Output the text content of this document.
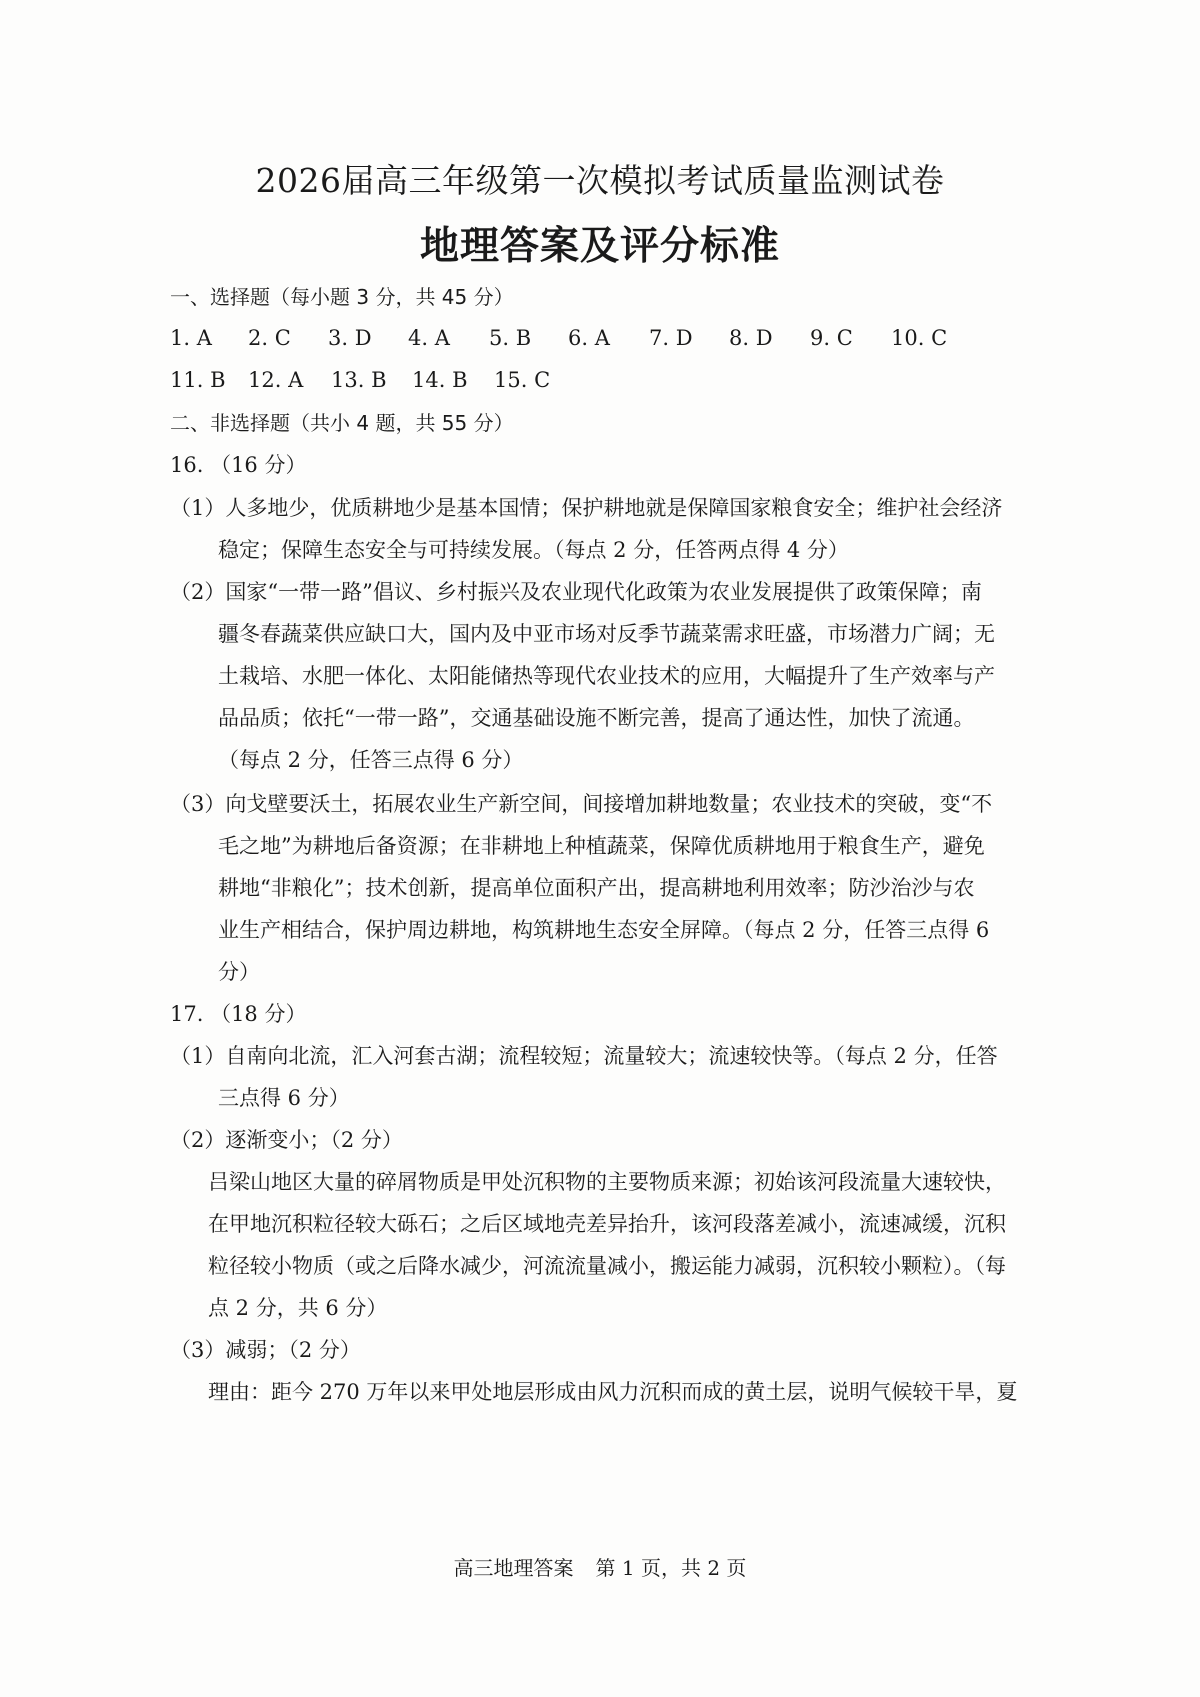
2026届高三年级第一次模拟考试质量监测试卷
地理答案及评分标准
一、选择题（每小题 3 分，共 45 分）
1. A 2. C 3. D 4. A 5. B 6. A 7. D 8. D 9. C 10. C
11. B 12. A 13. B 14. B 15. C
二、非选择题（共小 4 题，共 55 分）
16. （16 分）
（1）人多地少，优质耕地少是基本国情；保护耕地就是保障国家粮食安全；维护社会经济
稳定；保障生态安全与可持续发展。（每点 2 分，任答两点得 4 分）
（2）国家“一带一路”倡议、乡村振兴及农业现代化政策为农业发展提供了政策保障；南
疆冬春蔬菜供应缺口大，国内及中亚市场对反季节蔬菜需求旺盛，市场潜力广阔；无
土栽培、水肥一体化、太阳能储热等现代农业技术的应用，大幅提升了生产效率与产
品品质；依托“一带一路”，交通基础设施不断完善，提高了通达性，加快了流通。
（每点 2 分，任答三点得 6 分）
（3）向戈壁要沃土，拓展农业生产新空间，间接增加耕地数量；农业技术的突破，变“不
毛之地”为耕地后备资源；在非耕地上种植蔬菜，保障优质耕地用于粮食生产，避免
耕地“非粮化”；技术创新，提高单位面积产出，提高耕地利用效率；防沙治沙与农
业生产相结合，保护周边耕地，构筑耕地生态安全屏障。（每点 2 分，任答三点得 6
分）
17. （18 分）
（1）自南向北流，汇入河套古湖；流程较短；流量较大；流速较快等。（每点 2 分，任答
三点得 6 分）
（2）逐渐变小；（2 分）
吕梁山地区大量的碎屑物质是甲处沉积物的主要物质来源；初始该河段流量大速较快，
在甲地沉积粒径较大砾石；之后区域地壳差异抬升，该河段落差减小，流速减缓，沉积
粒径较小物质（或之后降水减少，河流流量减小，搬运能力减弱，沉积较小颗粒）。（每
点 2 分，共 6 分）
（3）减弱；（2 分）
理由：距今 270 万年以来甲处地层形成由风力沉积而成的黄土层，说明气候较干旱，夏
高三地理答案 第 1 页，共 2 页
